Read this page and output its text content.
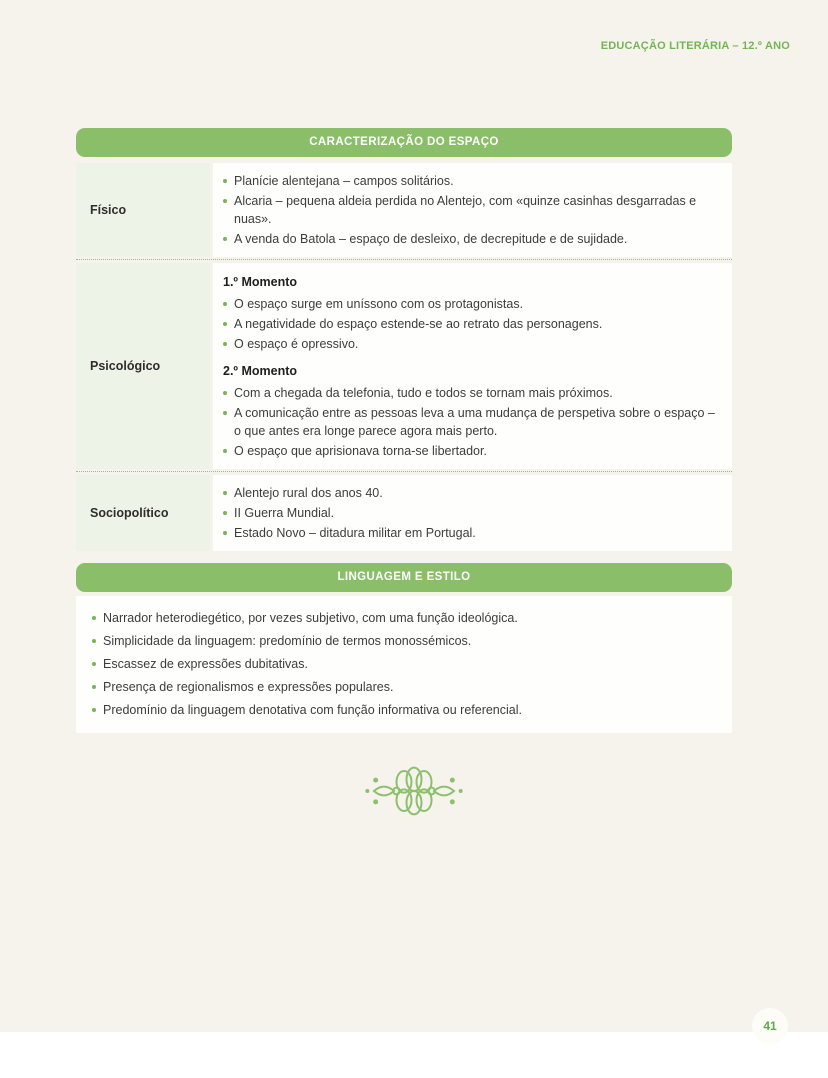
EDUCAÇÃO LITERÁRIA – 12.º ANO
CARACTERIZAÇÃO DO ESPAÇO
Físico
Planície alentejana – campos solitários.
Alcaria – pequena aldeia perdida no Alentejo, com «quinze casinhas desgarradas e nuas».
A venda do Batola – espaço de desleixo, de decrepitude e de sujidade.
Psicológico
1.º Momento
O espaço surge em uníssono com os protagonistas.
A negatividade do espaço estende-se ao retrato das personagens.
O espaço é opressivo.
2.º Momento
Com a chegada da telefonia, tudo e todos se tornam mais próximos.
A comunicação entre as pessoas leva a uma mudança de perspetiva sobre o espaço – o que antes era longe parece agora mais perto.
O espaço que aprisionava torna-se libertador.
Sociopolítico
Alentejo rural dos anos 40.
II Guerra Mundial.
Estado Novo – ditadura militar em Portugal.
LINGUAGEM E ESTILO
Narrador heterodiegético, por vezes subjetivo, com uma função ideológica.
Simplicidade da linguagem: predomínio de termos monossémicos.
Escassez de expressões dubitativas.
Presença de regionalismos e expressões populares.
Predomínio da linguagem denotativa com função informativa ou referencial.
41
